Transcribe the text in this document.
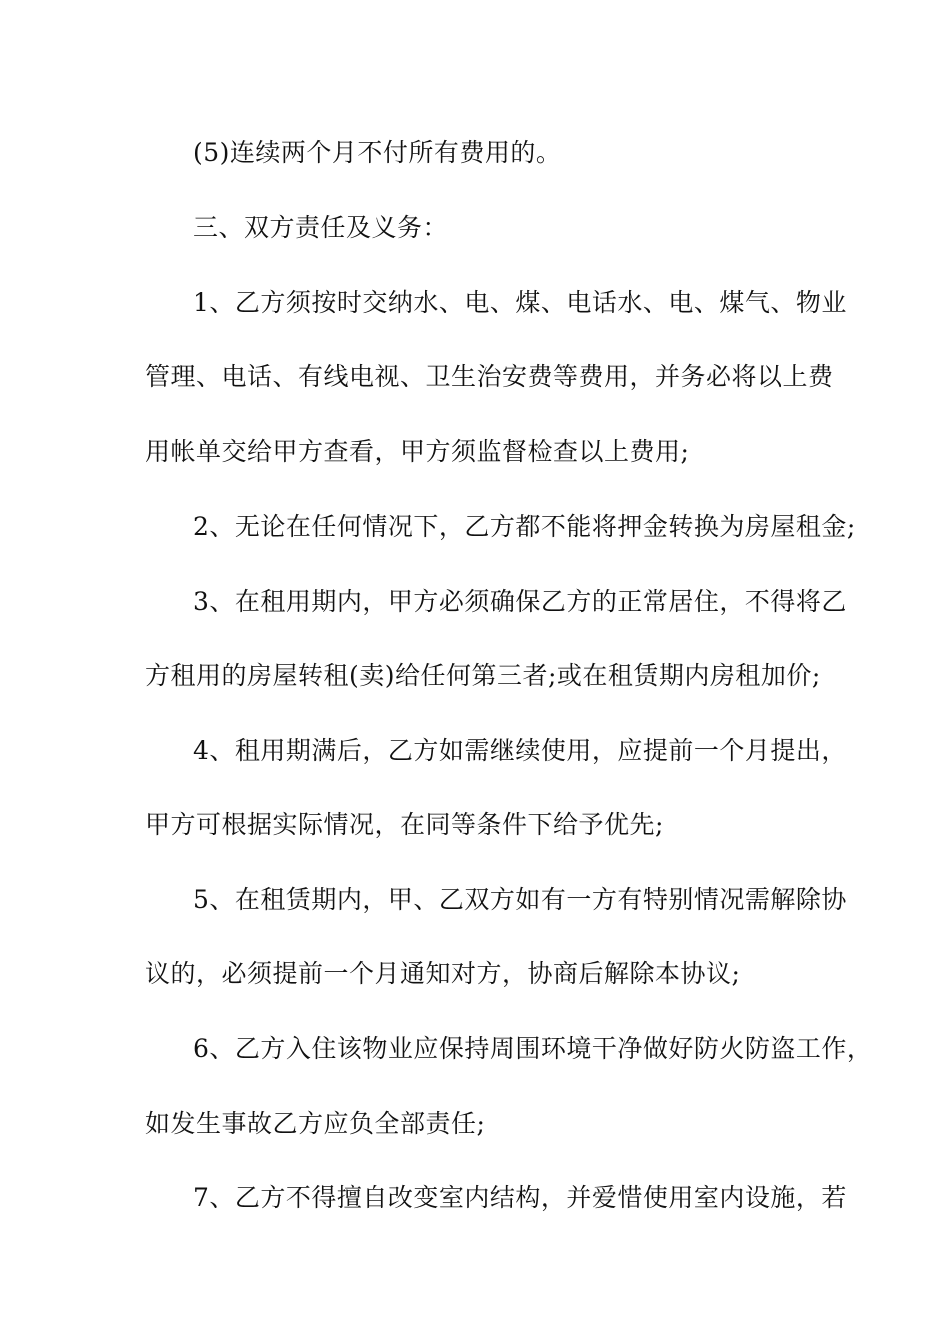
(5)连续两个月不付所有费用的。
三、双方责任及义务：
1、乙方须按时交纳水、电、煤、电话水、电、煤气、物业
管理、电话、有线电视、卫生治安费等费用，并务必将以上费
用帐单交给甲方查看，甲方须监督检查以上费用;
2、无论在任何情况下，乙方都不能将押金转换为房屋租金;
3、在租用期内，甲方必须确保乙方的正常居住，不得将乙
方租用的房屋转租(卖)给任何第三者;或在租赁期内房租加价;
4、租用期满后，乙方如需继续使用，应提前一个月提出，
甲方可根据实际情况，在同等条件下给予优先;
5、在租赁期内，甲、乙双方如有一方有特别情况需解除协
议的，必须提前一个月通知对方，协商后解除本协议;
6、乙方入住该物业应保持周围环境干净做好防火防盗工作，
如发生事故乙方应负全部责任;
7、乙方不得擅自改变室内结构，并爱惜使用室内设施，若
